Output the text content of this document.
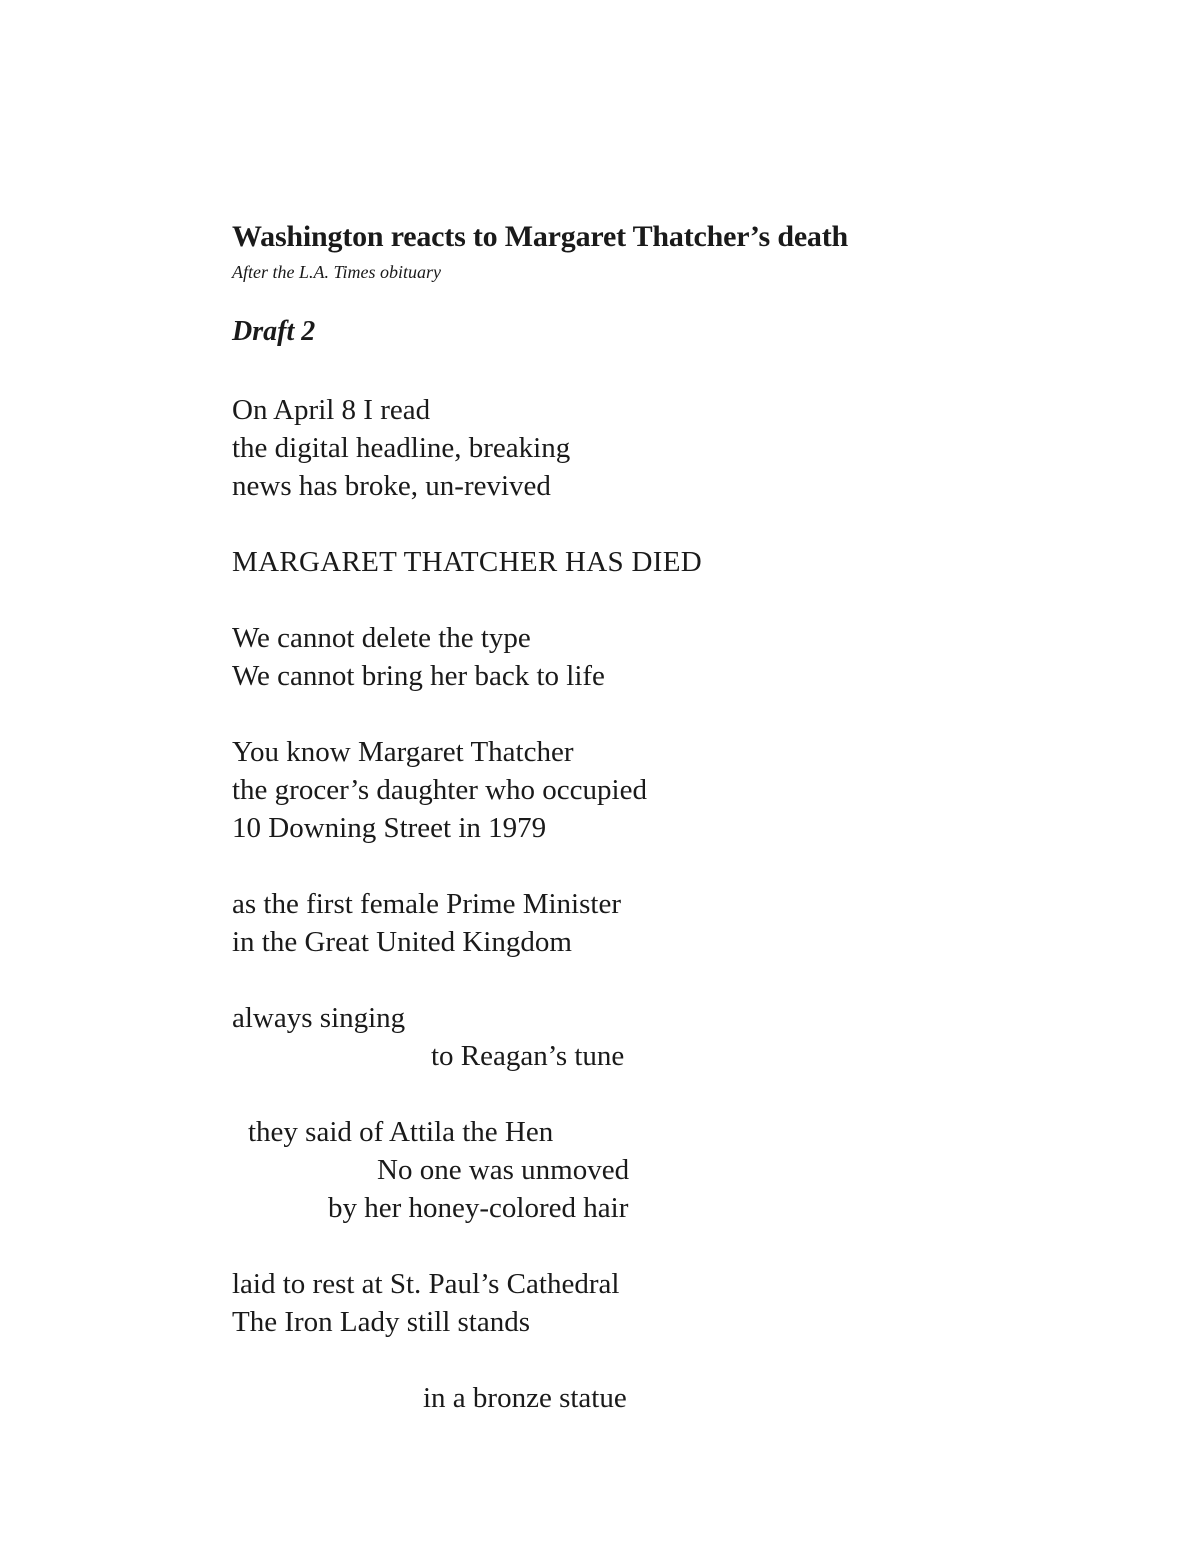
Washington reacts to Margaret Thatcher’s death
After the L.A. Times obituary
Draft 2
On April 8 I read
the digital headline, breaking
news has broke, un-revived
MARGARET THATCHER HAS DIED
We cannot delete the type
We cannot bring her back to life
You know Margaret Thatcher
the grocer’s daughter who occupied
10 Downing Street in 1979
as the first female Prime Minister
in the Great United Kingdom
always singing
to Reagan’s tune
they said of Attila the Hen
No one was unmoved
by her honey-colored hair
laid to rest at St. Paul’s Cathedral
The Iron Lady still stands
in a bronze statue
